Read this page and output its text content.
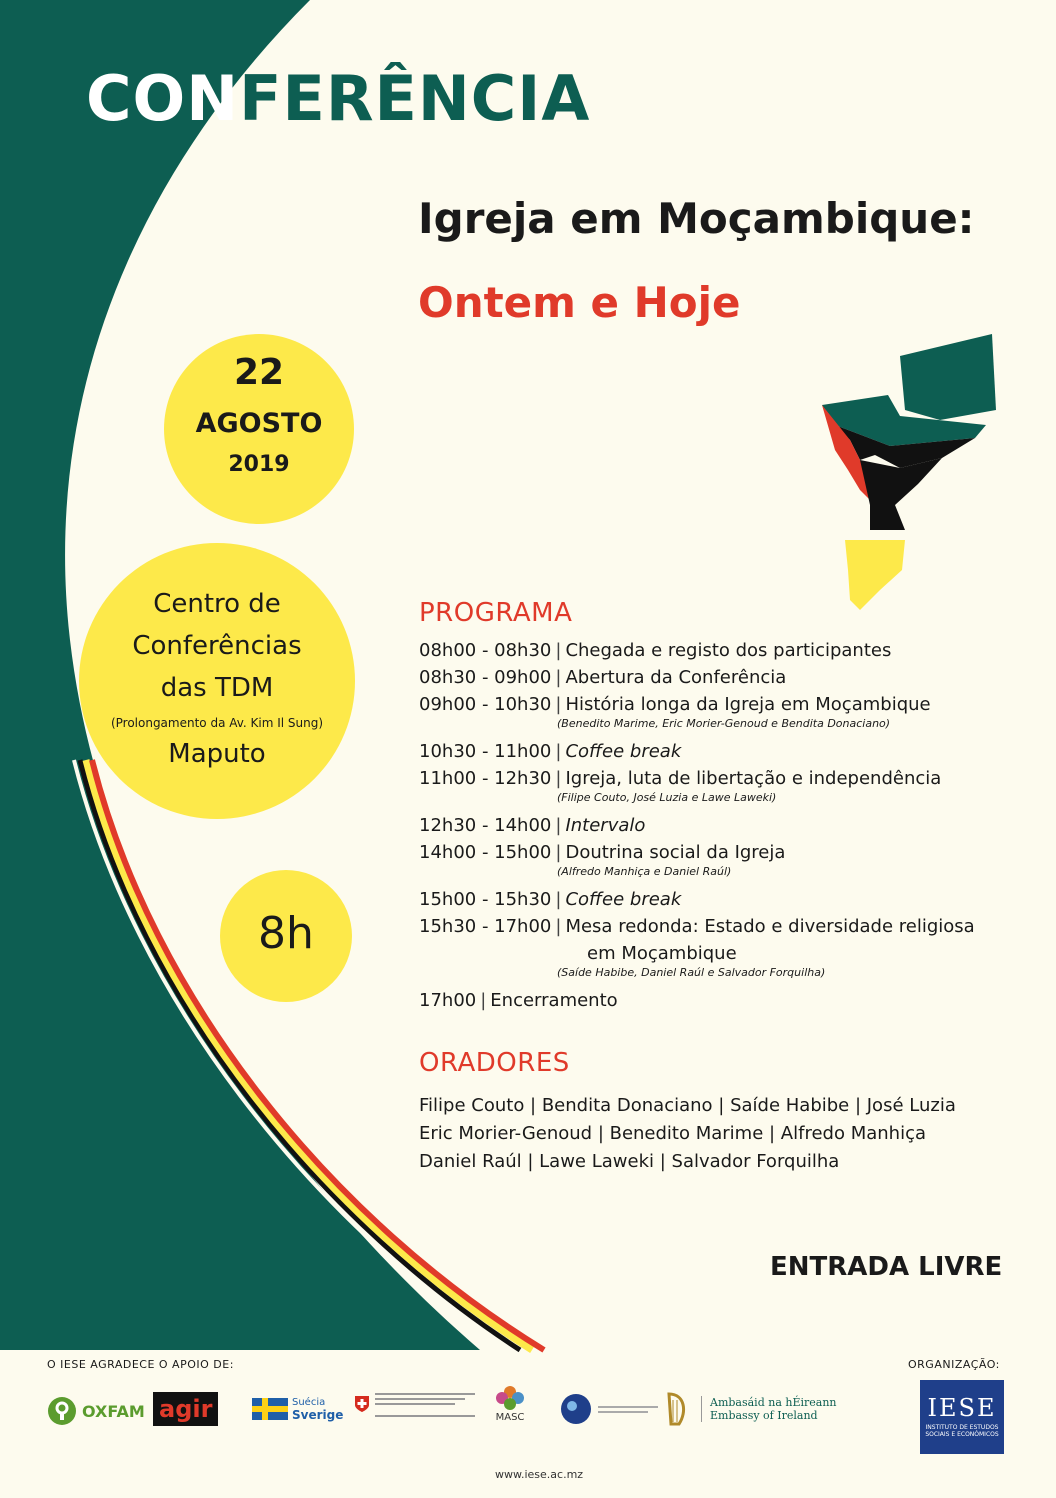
CONFERÊNCIA
Igreja em Moçambique:
Ontem e Hoje
22
AGOSTO
2019
Centro de
Conferências
das TDM
(Prolongamento da Av. Kim Il Sung)
Maputo
8h
PROGRAMA
08h00 - 08h30 | Chegada e registo dos participantes
08h30 - 09h00 | Abertura da Conferência
09h00 - 10h30 | História longa da Igreja em Moçambique
(Benedito Marime, Eric Morier-Genoud e Bendita Donaciano)
10h30 - 11h00 | Coffee break
11h00 - 12h30 | Igreja, luta de libertação e independência
(Filipe Couto, José Luzia e Lawe Laweki)
12h30 - 14h00 | Intervalo
14h00 - 15h00 | Doutrina social da Igreja
(Alfredo Manhiça e Daniel Raúl)
15h00 - 15h30 | Coffee break
15h30 - 17h00 | Mesa redonda: Estado e diversidade religiosa
em Moçambique
(Saíde Habibe, Daniel Raúl e Salvador Forquilha)
17h00 | Encerramento
ORADORES
Filipe Couto | Bendita Donaciano | Saíde Habibe | José Luzia
Eric Morier-Genoud | Benedito Marime | Alfredo Manhiça
Daniel Raúl | Lawe Laweki | Salvador Forquilha
ENTRADA LIVRE
O IESE AGRADECE O APOIO DE:	ORGANIZAÇÃO:
OXFAM agir	Suécia
Sverige	MASC
Ambasáid na hÉireann
Embassy of Ireland	IESE
INSTITUTO DE ESTUDOS SOCIAIS E ECONÓMICOS
www.iese.ac.mz
